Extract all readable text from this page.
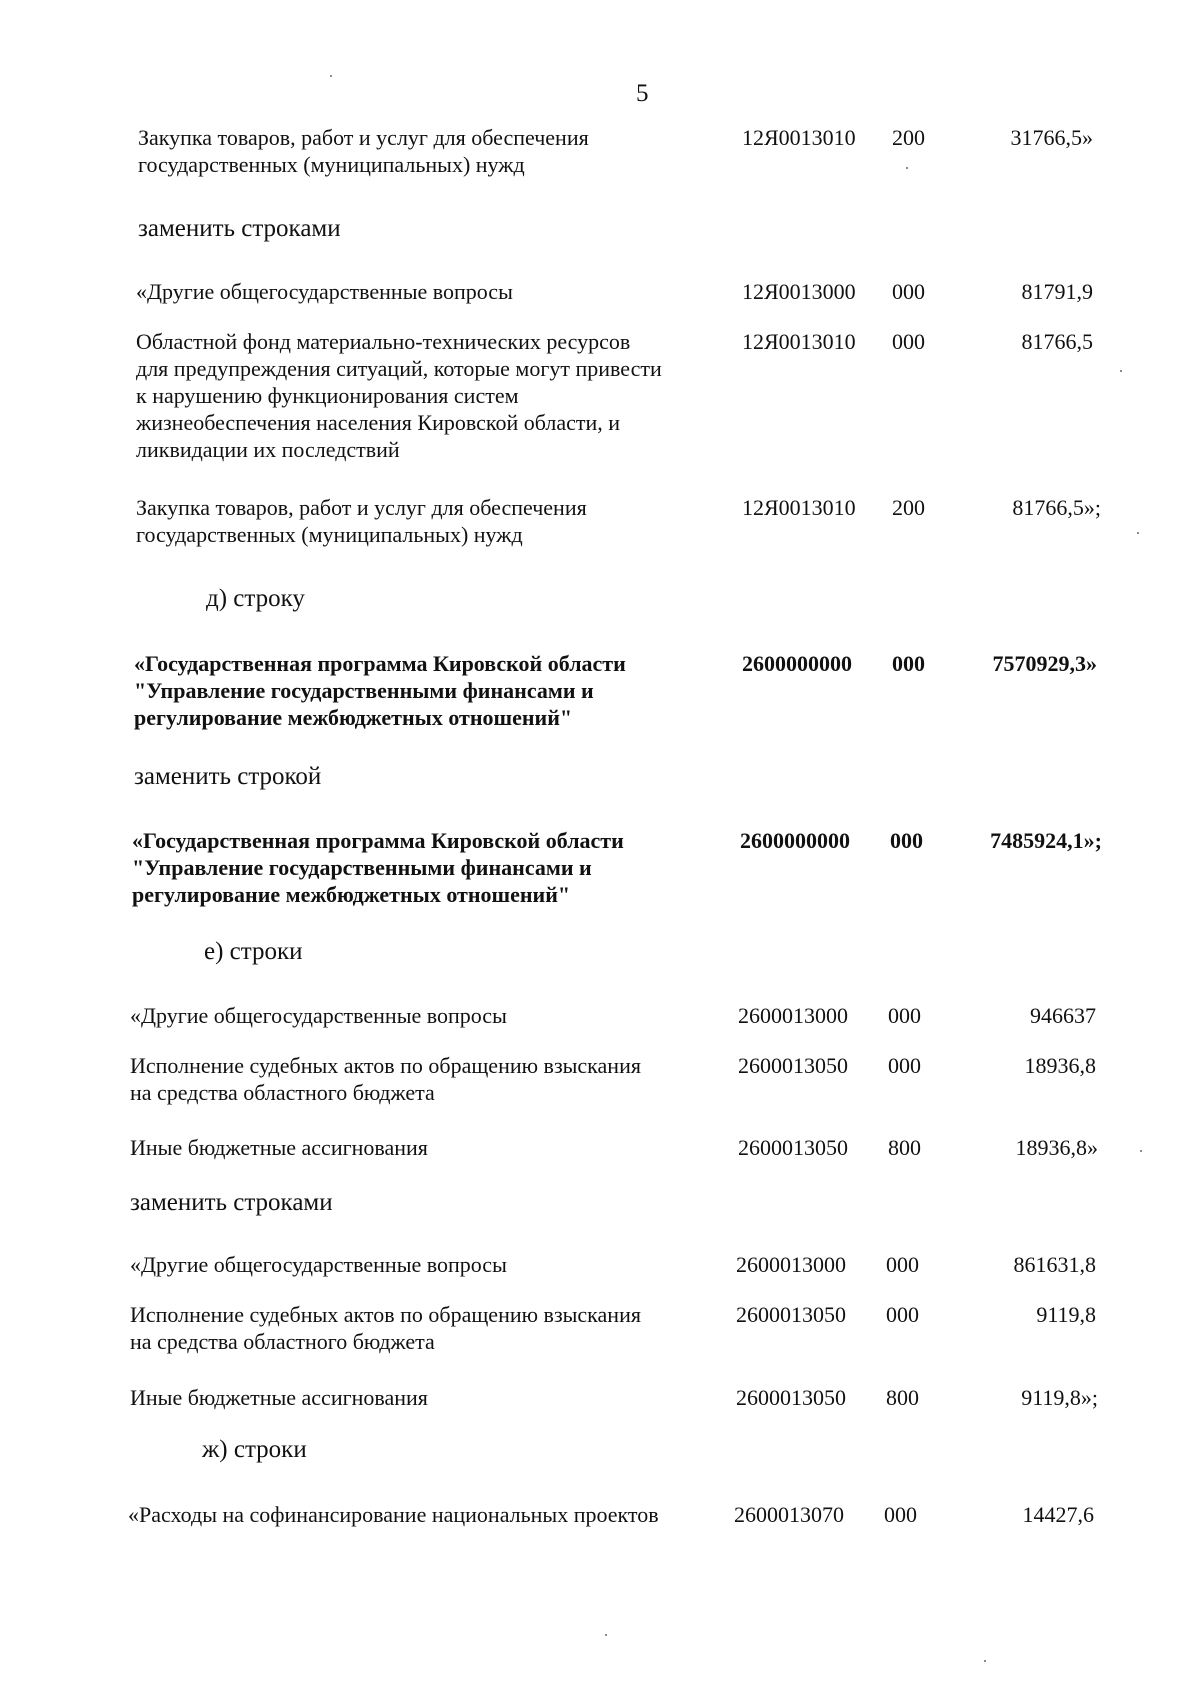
5
Закупка товаров, работ и услуг для обеспечения
государственных (муниципальных) нужд
12Я0013010 200	31766,5»
заменить строками
«Другие общегосударственные вопросы	12Я0013000 000	81791,9
Областной фонд материально-технических ресурсов
для предупреждения ситуаций, которые могут привести
к нарушению функционирования систем
жизнеобеспечения населения Кировской области, и
ликвидации их последствий
12Я0013010 000	81766,5
Закупка товаров, работ и услуг для обеспечения
государственных (муниципальных) нужд
12Я0013010 200	81766,5»;
д) строку
«Государственная программа Кировской области
"Управление государственными финансами и
регулирование межбюджетных отношений"
2600000000 000	7570929,3»
заменить строкой
«Государственная программа Кировской области
"Управление государственными финансами и
регулирование межбюджетных отношений"
2600000000 000	7485924,1»;
е) строки
«Другие общегосударственные вопросы	2600013000 000	946637
Исполнение судебных актов по обращению взыскания
на средства областного бюджета
2600013050 000	18936,8
Иные бюджетные ассигнования	2600013050 800	18936,8»
заменить строками
«Другие общегосударственные вопросы	2600013000 000	861631,8
Исполнение судебных актов по обращению взыскания
на средства областного бюджета
2600013050 000	9119,8
Иные бюджетные ассигнования	2600013050 800	9119,8»;
ж) строки
«Расходы на софинансирование национальных проектов	2600013070 000	14427,6
